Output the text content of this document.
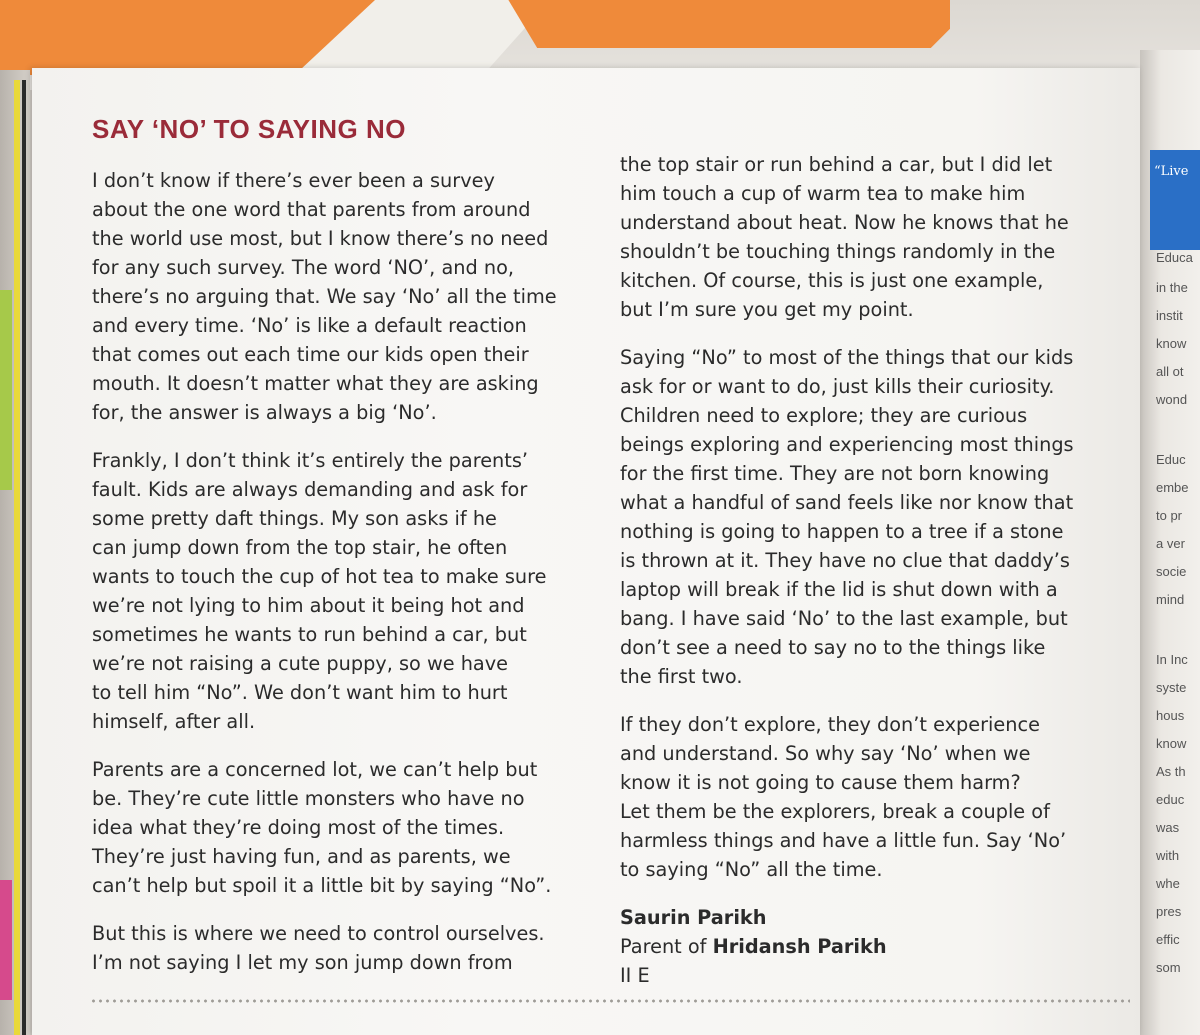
“Live
Educa
in the
instit
know
all ot
wond
Educ
embe
to pr
a ver
socie
mind
In Inc
syste
hous
know
As th
educ
was
with
whe
pres
effic
som
SAY ‘NO’ TO SAYING NO

I don’t know if there’s ever been a survey
about the one word that parents from around
the world use most, but I know there’s no need
for any such survey. The word ‘NO’, and no,
there’s no arguing that. We say ‘No’ all the time
and every time. ‘No’ is like a default reaction
that comes out each time our kids open their
mouth. It doesn’t matter what they are asking
for, the answer is always a big ‘No’.

Frankly, I don’t think it’s entirely the parents’
fault. Kids are always demanding and ask for
some pretty daft things. My son asks if he
can jump down from the top stair, he often
wants to touch the cup of hot tea to make sure
we’re not lying to him about it being hot and
sometimes he wants to run behind a car, but
we’re not raising a cute puppy, so we have
to tell him “No”. We don’t want him to hurt
himself, after all.

Parents are a concerned lot, we can’t help but
be. They’re cute little monsters who have no
idea what they’re doing most of the times.
They’re just having fun, and as parents, we
can’t help but spoil it a little bit by saying “No”.

But this is where we need to control ourselves.
I’m not saying I let my son jump down from

the top stair or run behind a car, but I did let
him touch a cup of warm tea to make him
understand about heat. Now he knows that he
shouldn’t be touching things randomly in the
kitchen. Of course, this is just one example,
but I’m sure you get my point.

Saying “No” to most of the things that our kids
ask for or want to do, just kills their curiosity.
Children need to explore; they are curious
beings exploring and experiencing most things
for the first time. They are not born knowing
what a handful of sand feels like nor know that
nothing is going to happen to a tree if a stone
is thrown at it. They have no clue that daddy’s
laptop will break if the lid is shut down with a
bang. I have said ‘No’ to the last example, but
don’t see a need to say no to the things like
the first two.

If they don’t explore, they don’t experience
and understand. So why say ‘No’ when we
know it is not going to cause them harm?
Let them be the explorers, break a couple of
harmless things and have a little fun. Say ‘No’
to saying “No” all the time.

Saurin Parikh
Parent of Hridansh Parikh
II E
